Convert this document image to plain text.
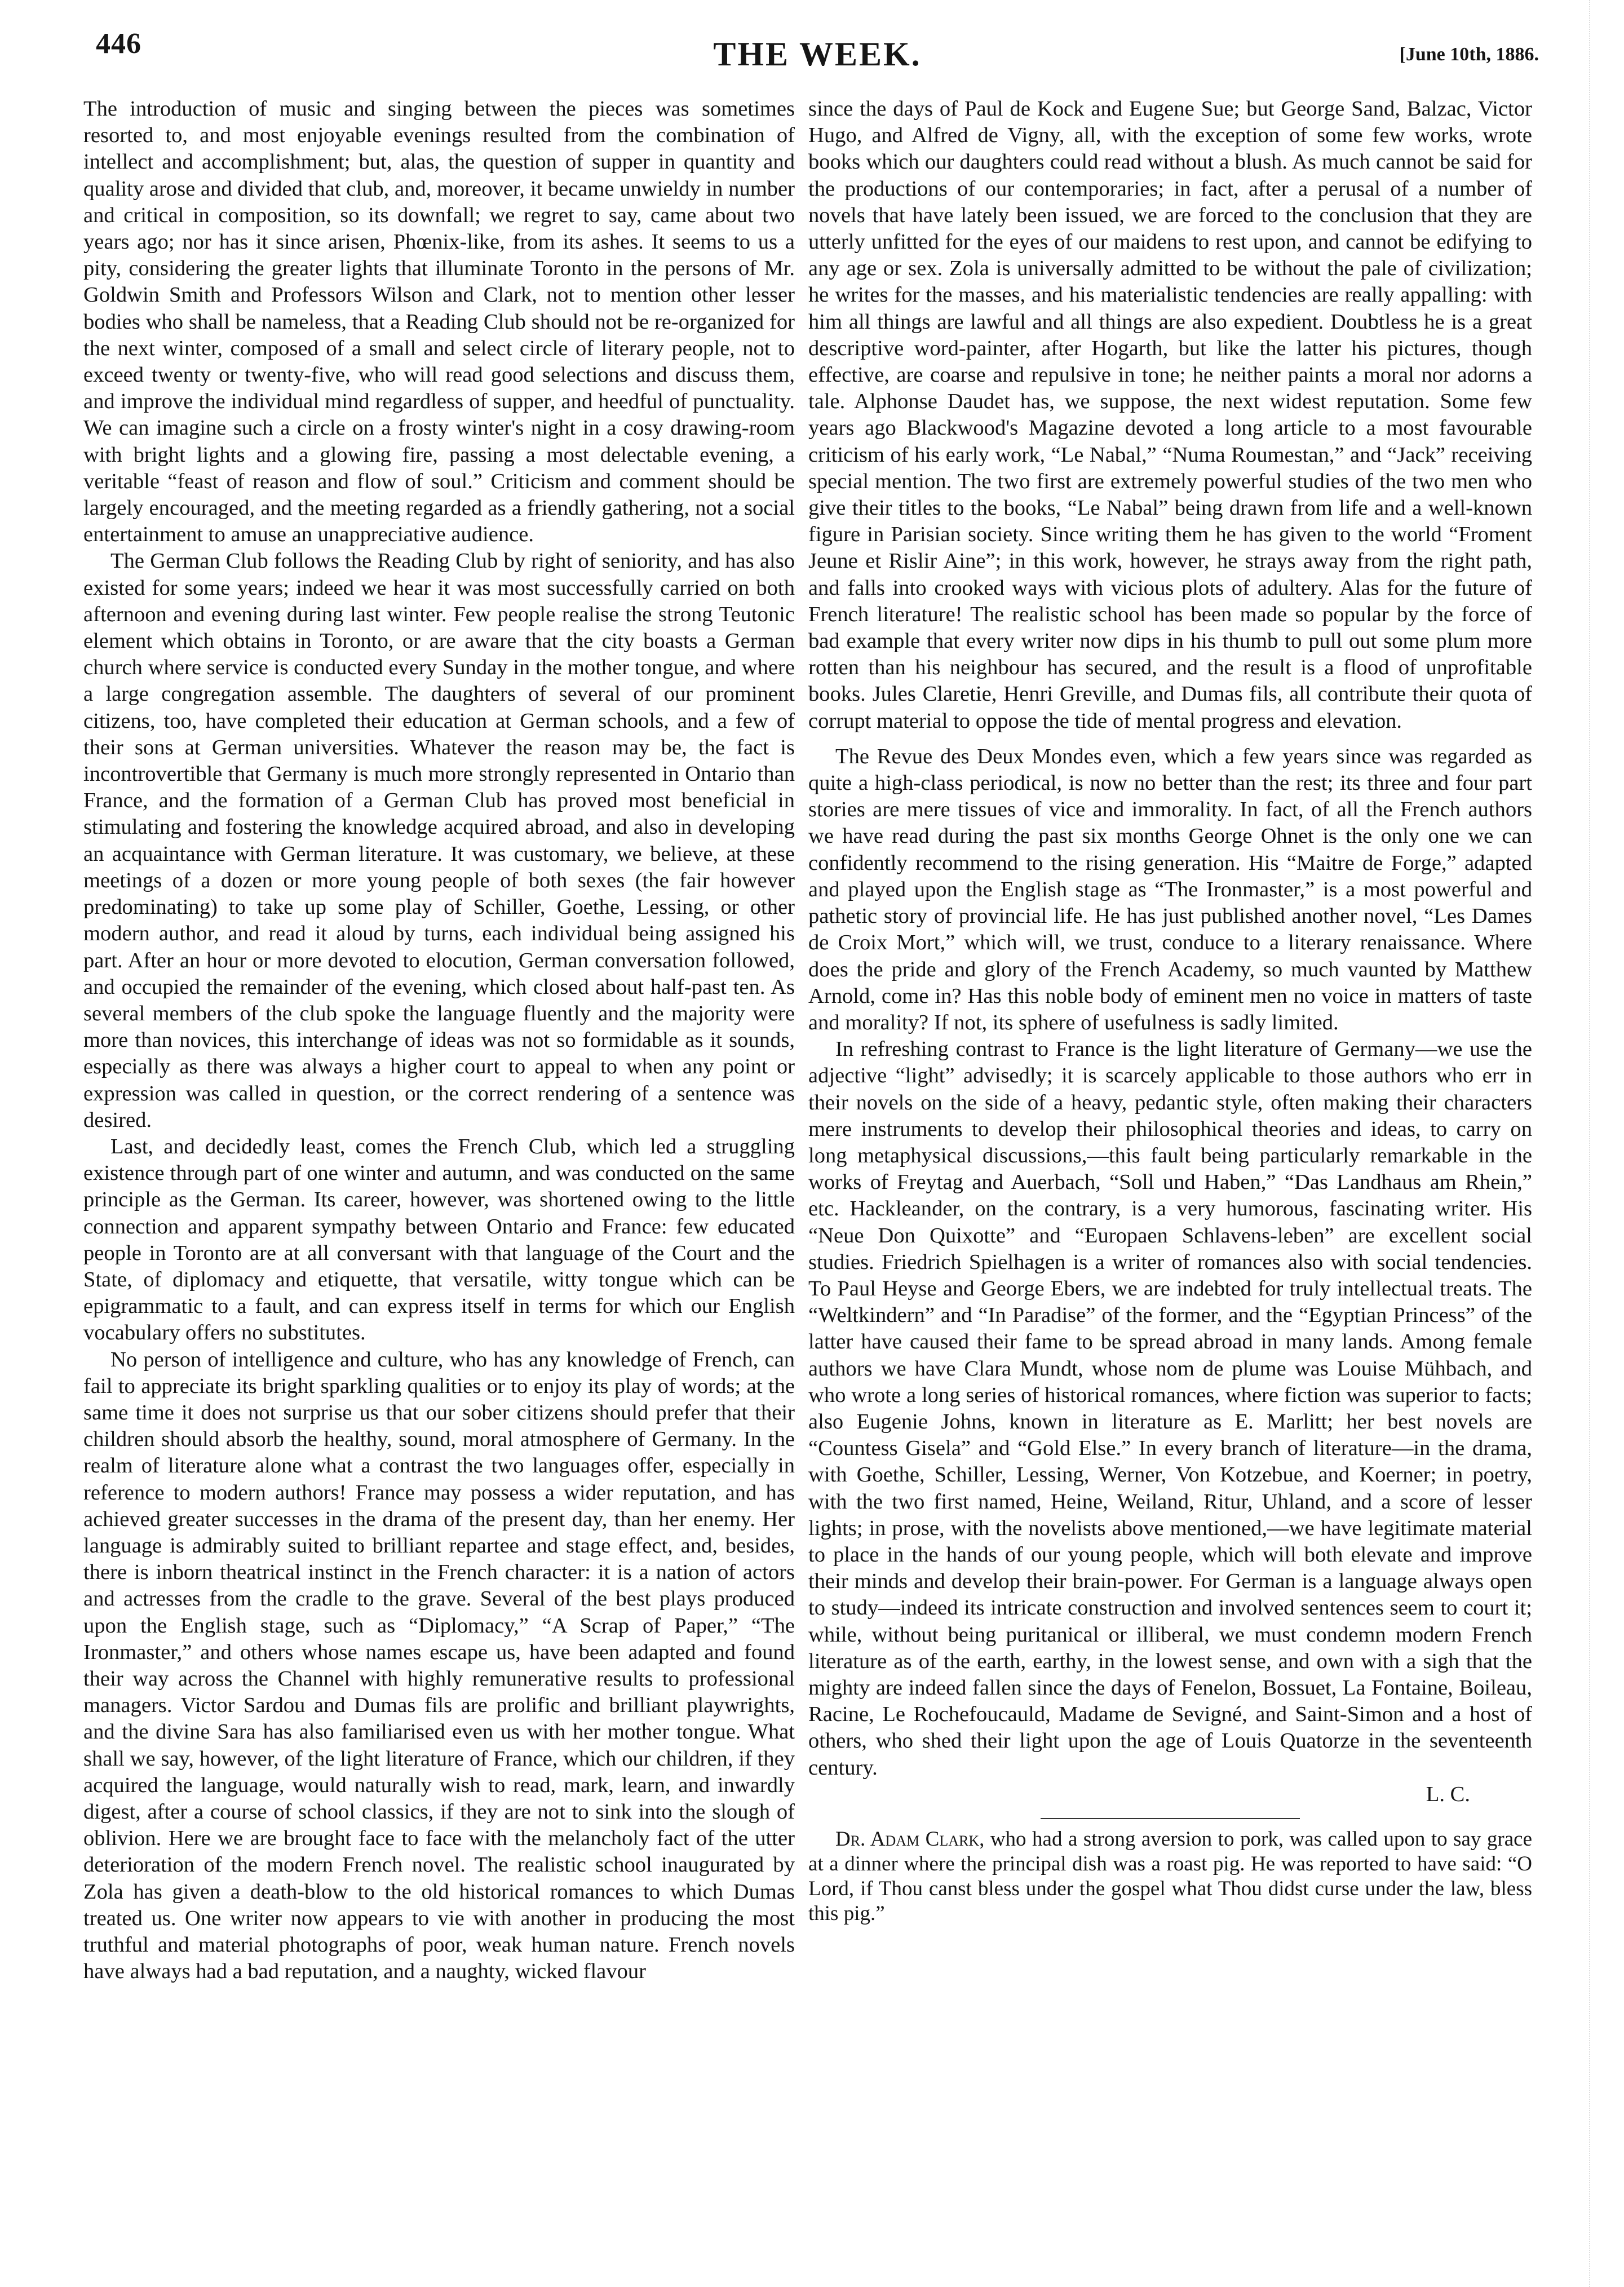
446	THE WEEK.	[June 10th, 1886.

The introduction of music and singing between the pieces was sometimes resorted to, and most enjoyable evenings resulted from the combination of intellect and accomplishment; but, alas, the question of supper in quantity and quality arose and divided that club, and, moreover, it became unwieldy in number and critical in composition, so its downfall; we regret to say, came about two years ago; nor has it since arisen, Phœnix-like, from its ashes. It seems to us a pity, considering the greater lights that illuminate Toronto in the persons of Mr. Goldwin Smith and Professors Wilson and Clark, not to mention other lesser bodies who shall be nameless, that a Reading Club should not be re-organized for the next winter, composed of a small and select circle of literary people, not to exceed twenty or twenty-five, who will read good selections and discuss them, and improve the individual mind regardless of supper, and heedful of punctuality. We can imagine such a circle on a frosty winter's night in a cosy drawing-room with bright lights and a glowing fire, passing a most delectable evening, a veritable “feast of reason and flow of soul.” Criticism and comment should be largely encouraged, and the meeting regarded as a friendly gathering, not a social entertainment to amuse an unappreciative audience.

The German Club follows the Reading Club by right of seniority, and has also existed for some years; indeed we hear it was most successfully carried on both afternoon and evening during last winter. Few people realise the strong Teutonic element which obtains in Toronto, or are aware that the city boasts a German church where service is conducted every Sunday in the mother tongue, and where a large congregation assemble. The daughters of several of our prominent citizens, too, have completed their education at German schools, and a few of their sons at German universities. Whatever the reason may be, the fact is incontrovertible that Germany is much more strongly represented in Ontario than France, and the formation of a German Club has proved most beneficial in stimulating and fostering the knowledge acquired abroad, and also in developing an acquaintance with German literature. It was customary, we believe, at these meetings of a dozen or more young people of both sexes (the fair however predominating) to take up some play of Schiller, Goethe, Lessing, or other modern author, and read it aloud by turns, each individual being assigned his part. After an hour or more devoted to elocution, German conversation followed, and occupied the remainder of the evening, which closed about half-past ten. As several members of the club spoke the language fluently and the majority were more than novices, this interchange of ideas was not so formidable as it sounds, especially as there was always a higher court to appeal to when any point or expression was called in question, or the correct rendering of a sentence was desired.

Last, and decidedly least, comes the French Club, which led a struggling existence through part of one winter and autumn, and was conducted on the same principle as the German. Its career, however, was shortened owing to the little connection and apparent sympathy between Ontario and France: few educated people in Toronto are at all conversant with that language of the Court and the State, of diplomacy and etiquette, that versatile, witty tongue which can be epigrammatic to a fault, and can express itself in terms for which our English vocabulary offers no substitutes.

No person of intelligence and culture, who has any knowledge of French, can fail to appreciate its bright sparkling qualities or to enjoy its play of words; at the same time it does not surprise us that our sober citizens should prefer that their children should absorb the healthy, sound, moral atmosphere of Germany. In the realm of literature alone what a contrast the two languages offer, especially in reference to modern authors! France may possess a wider reputation, and has achieved greater successes in the drama of the present day, than her enemy. Her language is admirably suited to brilliant repartee and stage effect, and, besides, there is inborn theatrical instinct in the French character: it is a nation of actors and actresses from the cradle to the grave. Several of the best plays produced upon the English stage, such as “Diplomacy,” “A Scrap of Paper,” “The Ironmaster,” and others whose names escape us, have been adapted and found their way across the Channel with highly remunerative results to professional managers. Victor Sardou and Dumas fils are prolific and brilliant playwrights, and the divine Sara has also familiarised even us with her mother tongue. What shall we say, however, of the light literature of France, which our children, if they acquired the language, would naturally wish to read, mark, learn, and inwardly digest, after a course of school classics, if they are not to sink into the slough of oblivion. Here we are brought face to face with the melancholy fact of the utter deterioration of the modern French novel. The realistic school inaugurated by Zola has given a death-blow to the old historical romances to which Dumas treated us. One writer now appears to vie with another in producing the most truthful and material photographs of poor, weak human nature. French novels have always had a bad reputation, and a naughty, wicked flavour

since the days of Paul de Kock and Eugene Sue; but George Sand, Balzac, Victor Hugo, and Alfred de Vigny, all, with the exception of some few works, wrote books which our daughters could read without a blush. As much cannot be said for the productions of our contemporaries; in fact, after a perusal of a number of novels that have lately been issued, we are forced to the conclusion that they are utterly unfitted for the eyes of our maidens to rest upon, and cannot be edifying to any age or sex. Zola is universally admitted to be without the pale of civilization; he writes for the masses, and his materialistic tendencies are really appalling: with him all things are lawful and all things are also expedient. Doubtless he is a great descriptive word-painter, after Hogarth, but like the latter his pictures, though effective, are coarse and repulsive in tone; he neither paints a moral nor adorns a tale. Alphonse Daudet has, we suppose, the next widest reputation. Some few years ago Blackwood's Magazine devoted a long article to a most favourable criticism of his early work, “Le Nabal,” “Numa Roumestan,” and “Jack” receiving special mention. The two first are extremely powerful studies of the two men who give their titles to the books, “Le Nabal” being drawn from life and a well-known figure in Parisian society. Since writing them he has given to the world “Froment Jeune et Rislir Aine”; in this work, however, he strays away from the right path, and falls into crooked ways with vicious plots of adultery. Alas for the future of French literature! The realistic school has been made so popular by the force of bad example that every writer now dips in his thumb to pull out some plum more rotten than his neighbour has secured, and the result is a flood of unprofitable books. Jules Claretie, Henri Greville, and Dumas fils, all contribute their quota of corrupt material to oppose the tide of mental progress and elevation.

The Revue des Deux Mondes even, which a few years since was regarded as quite a high-class periodical, is now no better than the rest; its three and four part stories are mere tissues of vice and immorality. In fact, of all the French authors we have read during the past six months George Ohnet is the only one we can confidently recommend to the rising generation. His “Maitre de Forge,” adapted and played upon the English stage as “The Ironmaster,” is a most powerful and pathetic story of provincial life. He has just published another novel, “Les Dames de Croix Mort,” which will, we trust, conduce to a literary renaissance. Where does the pride and glory of the French Academy, so much vaunted by Matthew Arnold, come in? Has this noble body of eminent men no voice in matters of taste and morality? If not, its sphere of usefulness is sadly limited.

In refreshing contrast to France is the light literature of Germany—we use the adjective “light” advisedly; it is scarcely applicable to those authors who err in their novels on the side of a heavy, pedantic style, often making their characters mere instruments to develop their philosophical theories and ideas, to carry on long metaphysical discussions,—this fault being particularly remarkable in the works of Freytag and Auerbach, “Soll und Haben,” “Das Landhaus am Rhein,” etc. Hackleander, on the contrary, is a very humorous, fascinating writer. His “Neue Don Quixotte” and “Europaen Schlavens-leben” are excellent social studies. Friedrich Spielhagen is a writer of romances also with social tendencies. To Paul Heyse and George Ebers, we are indebted for truly intellectual treats. The “Weltkindern” and “In Paradise” of the former, and the “Egyptian Princess” of the latter have caused their fame to be spread abroad in many lands. Among female authors we have Clara Mundt, whose nom de plume was Louise Mühbach, and who wrote a long series of historical romances, where fiction was superior to facts; also Eugenie Johns, known in literature as E. Marlitt; her best novels are “Countess Gisela” and “Gold Else.” In every branch of literature—in the drama, with Goethe, Schiller, Lessing, Werner, Von Kotzebue, and Koerner; in poetry, with the two first named, Heine, Weiland, Ritur, Uhland, and a score of lesser lights; in prose, with the novelists above mentioned,—we have legitimate material to place in the hands of our young people, which will both elevate and improve their minds and develop their brain-power. For German is a language always open to study—indeed its intricate construction and involved sentences seem to court it; while, without being puritanical or illiberal, we must condemn modern French literature as of the earth, earthy, in the lowest sense, and own with a sigh that the mighty are indeed fallen since the days of Fenelon, Bossuet, La Fontaine, Boileau, Racine, Le Rochefoucauld, Madame de Sevigné, and Saint-Simon and a host of others, who shed their light upon the age of Louis Quatorze in the seventeenth century.

L. C.

Dr. Adam Clark, who had a strong aversion to pork, was called upon to say grace at a dinner where the principal dish was a roast pig. He was reported to have said: “O Lord, if Thou canst bless under the gospel what Thou didst curse under the law, bless this pig.”
